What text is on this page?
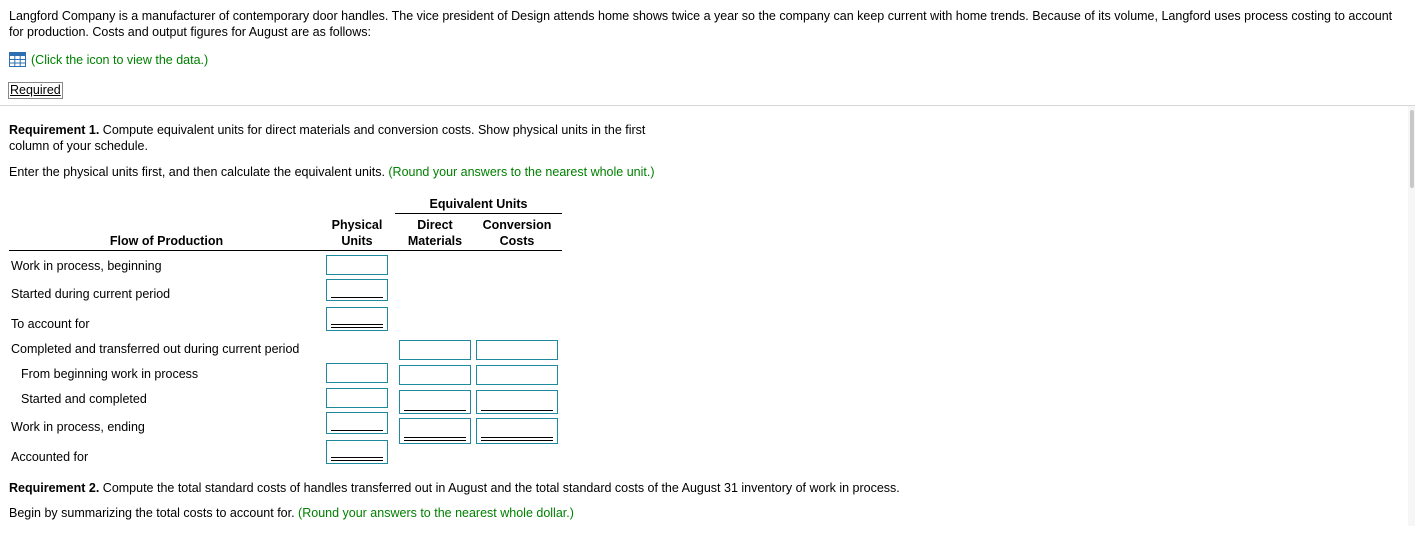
Langford Company is a manufacturer of contemporary door handles. The vice president of Design attends home shows twice a year so the company can keep current with home trends. Because of its volume, Langford uses process costing to account for production. Costs and output figures for August are as follows:
(Click the icon to view the data.)
Required
Requirement 1. Compute equivalent units for direct materials and conversion costs. Show physical units in the first column of your schedule.
Enter the physical units first, and then calculate the equivalent units. (Round your answers to the nearest whole unit.)
Equivalent Units
Physical
Units
Direct
Materials
Conversion
Costs
Flow of Production
Work in process, beginning
Started during current period
To account for
Completed and transferred out during current period
From beginning work in process
Started and completed
Work in process, ending
Accounted for
Requirement 2. Compute the total standard costs of handles transferred out in August and the total standard costs of the August 31 inventory of work in process.
Begin by summarizing the total costs to account for. (Round your answers to the nearest whole dollar.)
